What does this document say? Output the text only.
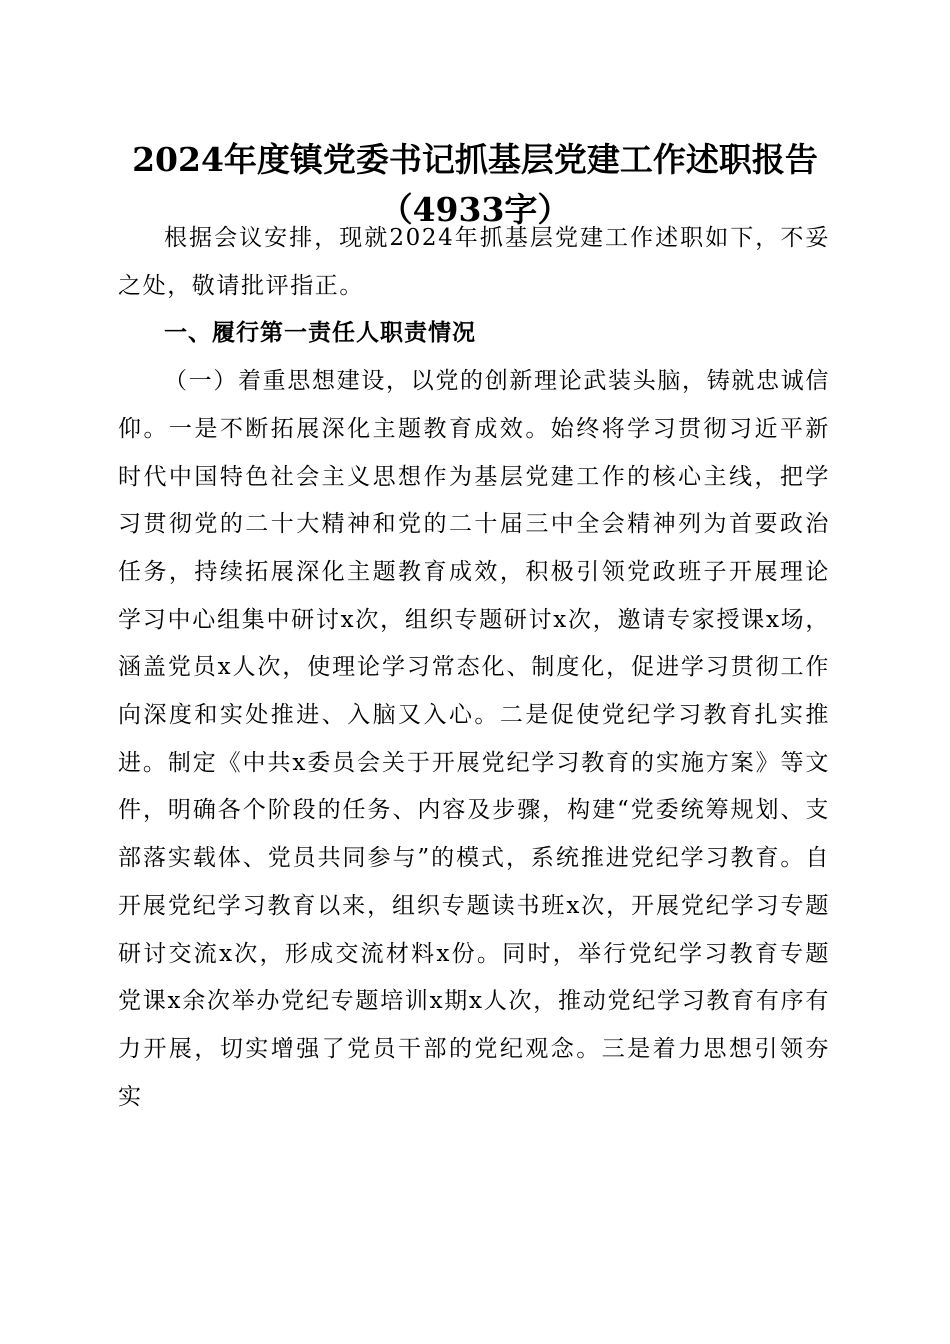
2024年度镇党委书记抓基层党建工作述职报告（4933字）

根据会议安排，现就2024年抓基层党建工作述职如下，不妥之处，敬请批评指正。

一、履行第一责任人职责情况

（一）着重思想建设，以党的创新理论武装头脑，铸就忠诚信仰。一是不断拓展深化主题教育成效。始终将学习贯彻习近平新时代中国特色社会主义思想作为基层党建工作的核心主线，把学习贯彻党的二十大精神和党的二十届三中全会精神列为首要政治任务，持续拓展深化主题教育成效，积极引领党政班子开展理论学习中心组集中研讨x次，组织专题研讨x次，邀请专家授课x场，涵盖党员x人次，使理论学习常态化、制度化，促进学习贯彻工作向深度和实处推进、入脑又入心。二是促使党纪学习教育扎实推进。制定《中共x委员会关于开展党纪学习教育的实施方案》等文件，明确各个阶段的任务、内容及步骤，构建“党委统筹规划、支部落实载体、党员共同参与”的模式，系统推进党纪学习教育。自开展党纪学习教育以来，组织专题读书班x次，开展党纪学习专题研讨交流x次，形成交流材料x份。同时，举行党纪学习教育专题党课x余次举办党纪专题培训x期x人次，推动党纪学习教育有序有力开展，切实增强了党员干部的党纪观念。三是着力思想引领夯实
